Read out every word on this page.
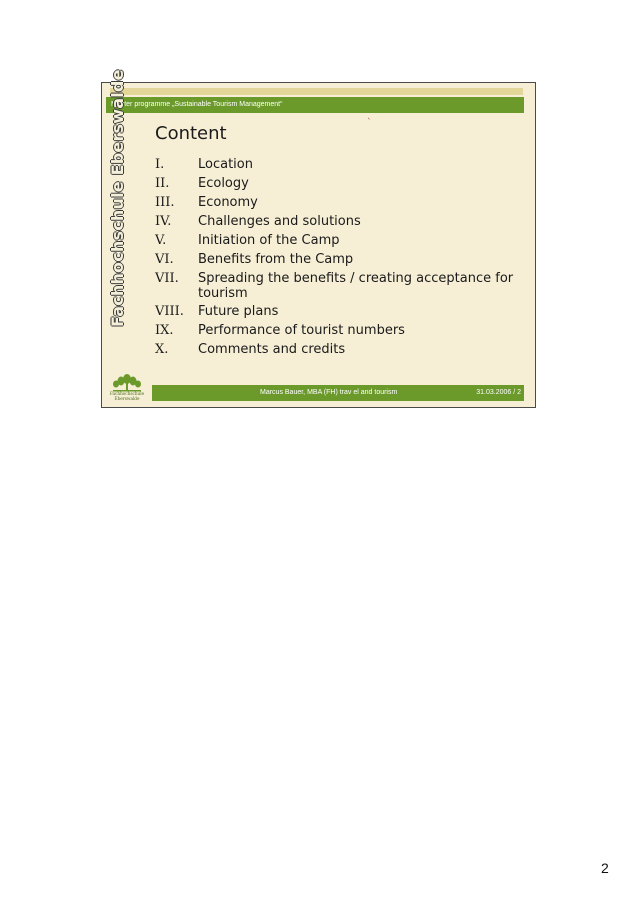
Master programme „Sustainable Tourism Management“
`
Fachhochschule Eberswalde Content
I.	Location
II.	Ecology
III.	Economy
IV.	Challenges and solutions
V.	Initiation of the Camp
VI.	Benefits from the Camp
VII.	Spreading the benefits / creating acceptance for tourism
VIII.	Future plans
IX.	Performance of tourist numbers
X.	Comments and credits
Fachhochschule
Eberswalde
Marcus Bauer, MBA (FH) trav el and tourism	31.03.2006 / 2
2
